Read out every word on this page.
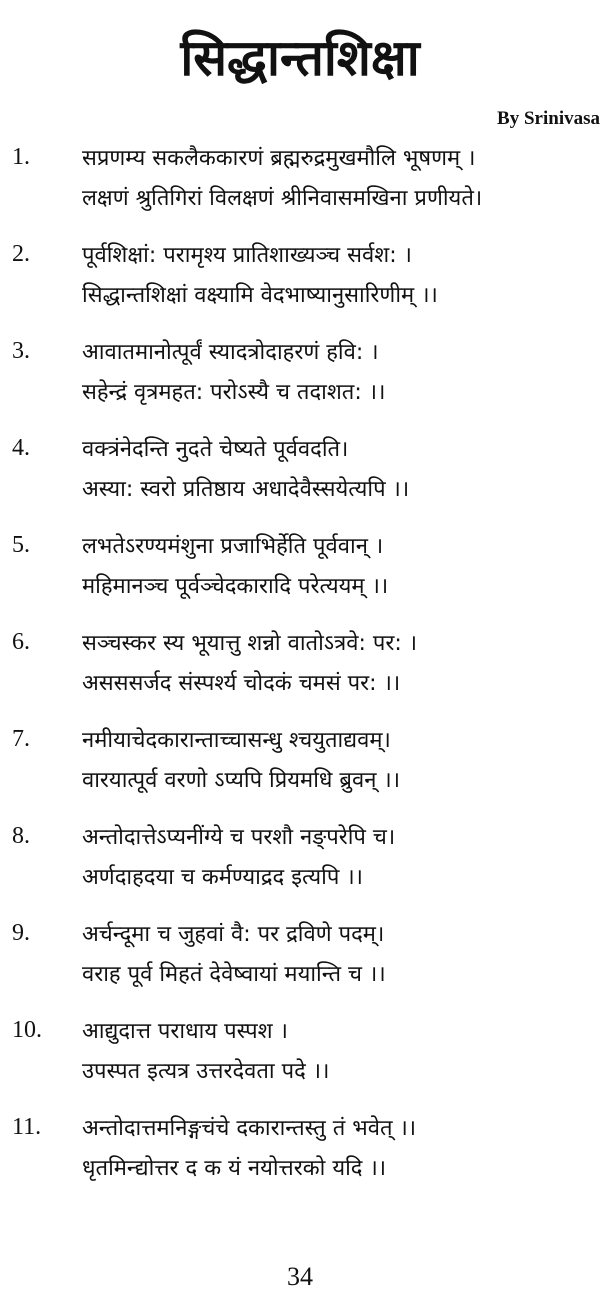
सिद्धान्तशिक्षा
By Srinivasa
1. सप्रणम्य सकलैककारणं ब्रह्मरुद्रमुखमौलि भूषणम् ।
लक्षणं श्रुतिगिरां विलक्षणं श्रीनिवासमखिना प्रणीयते।
2. पूर्वशिक्षां: परामृश्य प्रातिशाख्यञ्च सर्वश: ।
सिद्धान्तशिक्षां वक्ष्यामि वेदभाष्यानुसारिणीम् ।।
3. आवातमानोत्पूर्वं स्यादत्रोदाहरणं हवि: ।
सहेन्द्रं वृत्रमहत: परोऽस्यै च तदाशत: ।।
4. वक्त्रंनेदन्ति नुदते चेष्यते पूर्ववदति।
अस्या: स्वरो प्रतिष्ठाय अधादेवैस्सयेत्यपि ।।
5. लभतेऽरण्यमंशुना प्रजाभिर्हेति पूर्ववान् ।
महिमानञ्च पूर्वञ्चेदकारादि परेत्ययम् ।।
6. सञ्चस्कर स्य भूयात्तु शन्नो वातोऽत्रवे: पर: ।
असससर्जद संस्पर्श्य चोदकं चमसं पर: ।।
7. नमीयाचेदकारान्ताच्चासन्धु श्चयुताद्यवम्।
वारयात्पूर्व वरणो ऽप्यपि प्रियमधि ब्रुवन् ।।
8. अन्तोदात्तेऽप्यनींग्ये च परशौ नङ्परेपि च।
अर्णदाहदया च कर्मण्याद्रद इत्यपि ।।
9. अर्चन्दूमा च जुहवां वै: पर द्रविणे पदम्।
वराह पूर्व मिहतं देवेष्वायां मयान्ति च ।।
10. आद्युदात्त पराधाय पस्पश ।
उपस्पत इत्यत्र उत्तरदेवता पदे ।।
11. अन्तोदात्तमनिङ्गचंचे दकारान्तस्तु तं भवेत् ।।
धृतमिन्द्योत्तर द क यं नयोत्तरको यदि ।।
34
